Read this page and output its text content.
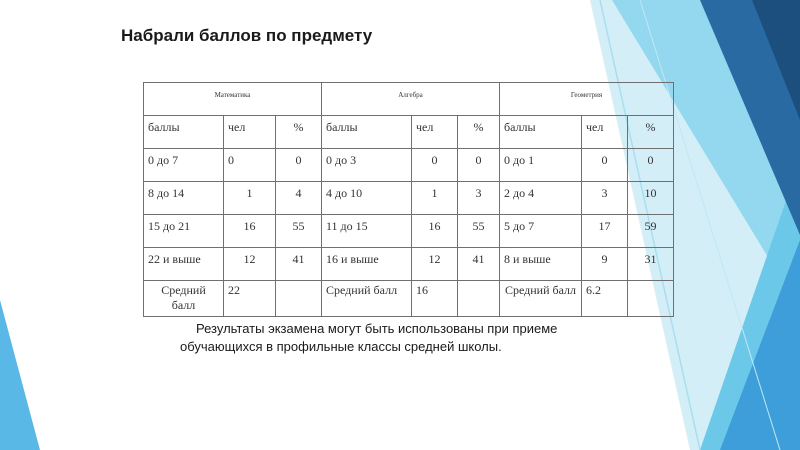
Набрали баллов по предмету
Математика			Алгебра			Геометрия		
баллы	чел	%	баллы	чел	%	баллы	чел	%
0 до 7	0	0	0 до 3	0	0	0 до 1	0	0
8 до 14	1	4	4 до 10	1	3	2 до 4	3	10
15 до 21	16	55	11 до 15	16	55	5 до 7	17	59
22 и выше	12	41	16 и выше	12	41	8 и выше	9	31
Средний балл	22		Средний балл	16		Средний балл	6.2	
Результаты экзамена могут быть использованы при приеме обучающихся в профильные классы средней школы.
